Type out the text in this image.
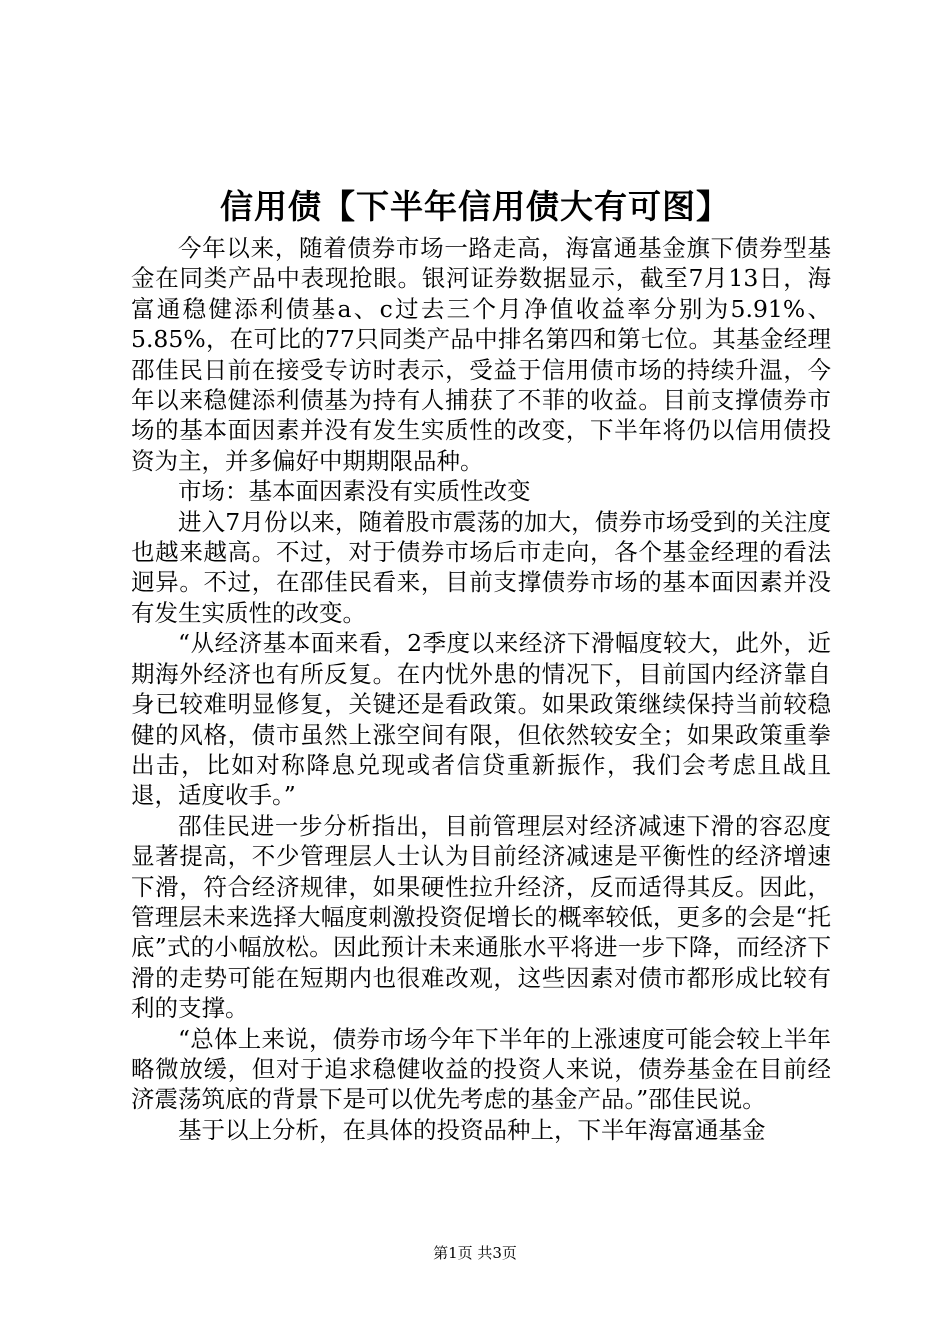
信用债【下半年信用债大有可图】

今年以来，随着债券市场一路走高，海富通基金旗下债券型基金在同类产品中表现抢眼。银河证券数据显示，截至7月13日，海富通稳健添利债基a、c过去三个月净值收益率分别为5.91%、5.85%，在可比的77只同类产品中排名第四和第七位。其基金经理邵佳民日前在接受专访时表示，受益于信用债市场的持续升温，今年以来稳健添利债基为持有人捕获了不菲的收益。目前支撑债券市场的基本面因素并没有发生实质性的改变，下半年将仍以信用债投资为主，并多偏好中期期限品种。

市场：基本面因素没有实质性改变

进入7月份以来，随着股市震荡的加大，债券市场受到的关注度也越来越高。不过，对于债券市场后市走向，各个基金经理的看法迥异。不过，在邵佳民看来，目前支撑债券市场的基本面因素并没有发生实质性的改变。

“从经济基本面来看，2季度以来经济下滑幅度较大，此外，近期海外经济也有所反复。在内忧外患的情况下，目前国内经济靠自身已较难明显修复，关键还是看政策。如果政策继续保持当前较稳健的风格，债市虽然上涨空间有限，但依然较安全；如果政策重拳出击，比如对称降息兑现或者信贷重新振作，我们会考虑且战且退，适度收手。”

邵佳民进一步分析指出，目前管理层对经济减速下滑的容忍度显著提高，不少管理层人士认为目前经济减速是平衡性的经济增速下滑，符合经济规律，如果硬性拉升经济，反而适得其反。因此，管理层未来选择大幅度刺激投资促增长的概率较低，更多的会是“托底”式的小幅放松。因此预计未来通胀水平将进一步下降，而经济下滑的走势可能在短期内也很难改观，这些因素对债市都形成比较有利的支撑。

“总体上来说，债券市场今年下半年的上涨速度可能会较上半年略微放缓，但对于追求稳健收益的投资人来说，债券基金在目前经济震荡筑底的背景下是可以优先考虑的基金产品。”邵佳民说。

基于以上分析，在具体的投资品种上，下半年海富通基金

第1页 共3页
